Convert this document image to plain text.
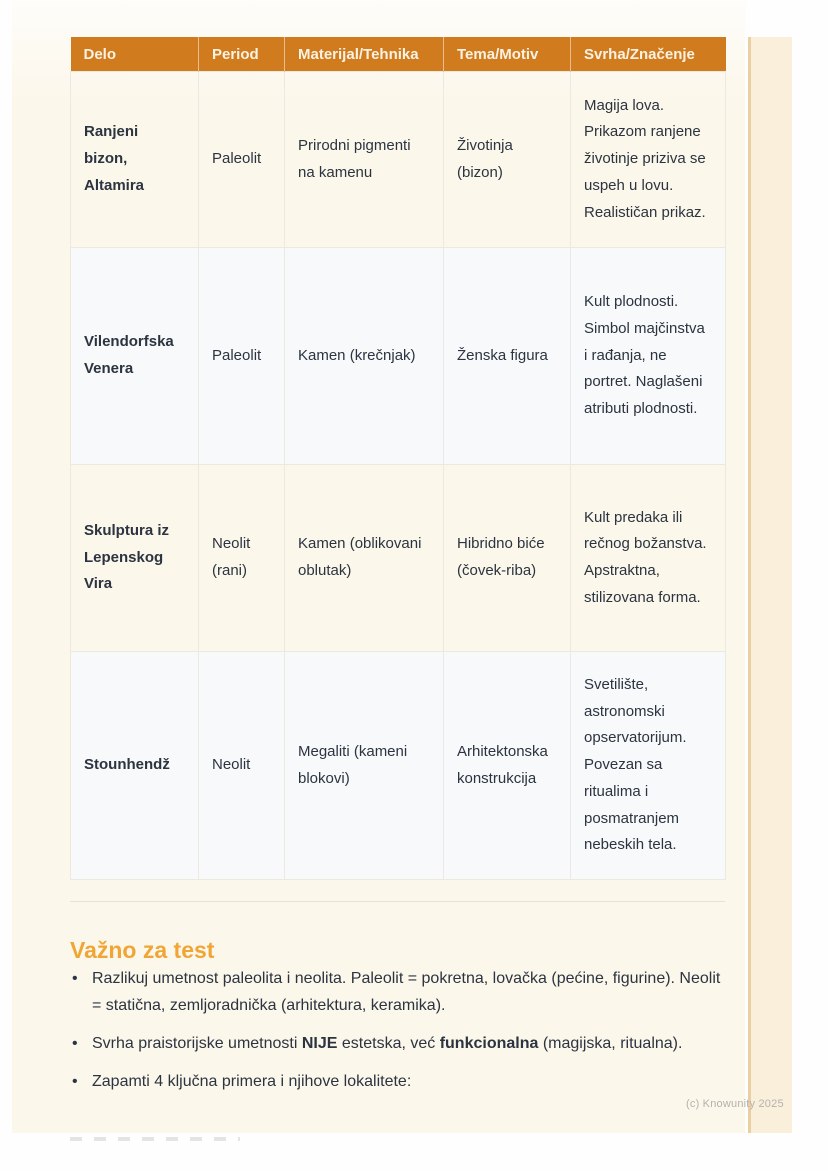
Delo	Period	Materijal/Tehnika	Tema/Motiv	Svrha/Značenje
Ranjeni bizon, Altamira	Paleolit	Prirodni pigmenti na kamenu	Životinja (bizon)	Magija lova. Prikazom ranjene životinje priziva se uspeh u lovu. Realističan prikaz.
Vilendorfska Venera	Paleolit	Kamen (krečnjak)	Ženska figura	Kult plodnosti. Simbol majčinstva i rađanja, ne portret. Naglašeni atributi plodnosti.
Skulptura iz Lepenskog Vira	Neolit (rani)	Kamen (oblikovani oblutak)	Hibridno biće (čovek-riba)	Kult predaka ili rečnog božanstva. Apstraktna, stilizovana forma.
Stounhendž	Neolit	Megaliti (kameni blokovi)	Arhitektonska konstrukcija	Svetilište, astronomski opservatorijum. Povezan sa ritualima i posmatranjem nebeskih tela.
Važno za test
• Razlikuj umetnost paleolita i neolita. Paleolit = pokretna, lovačka (pećine, figurine). Neolit = statična, zemljoradnička (arhitektura, keramika).
• Svrha praistorijske umetnosti NIJE estetska, već funkcionalna (magijska, ritualna).
• Zapamti 4 ključna primera i njihove lokalitete:
(c) Knowunity 2025
